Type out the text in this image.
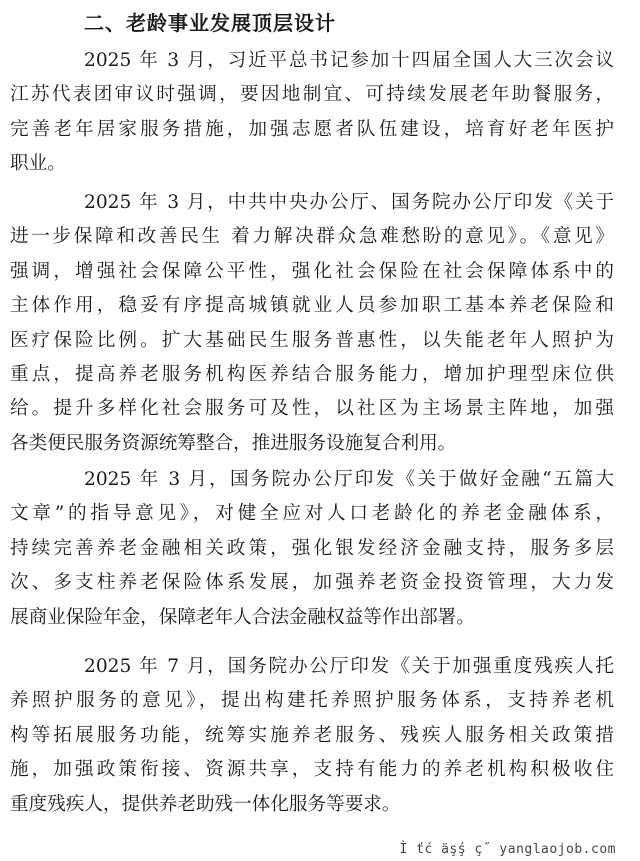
二、老龄事业发展顶层设计
2025 年 3 月，习近平总书记参加十四届全国人大三次会议
江苏代表团审议时强调，要因地制宜、可持续发展老年助餐服务，
完善老年居家服务措施，加强志愿者队伍建设，培育好老年医护
职业。
2025 年 3 月，中共中央办公厅、国务院办公厅印发《关于
进一步保障和改善民生 着力解决群众急难愁盼的意见》。《意见》
强调，增强社会保障公平性，强化社会保险在社会保障体系中的
主体作用，稳妥有序提高城镇就业人员参加职工基本养老保险和
医疗保险比例。扩大基础民生服务普惠性，以失能老年人照护为
重点，提高养老服务机构医养结合服务能力，增加护理型床位供
给。提升多样化社会服务可及性，以社区为主场景主阵地，加强
各类便民服务资源统筹整合，推进服务设施复合利用。
2025 年 3 月，国务院办公厅印发《关于做好金融“五篇大
文章”的指导意见》，对健全应对人口老龄化的养老金融体系，
持续完善养老金融相关政策，强化银发经济金融支持，服务多层
次、多支柱养老保险体系发展，加强养老资金投资管理，大力发
展商业保险年金，保障老年人合法金融权益等作出部署。
2025 年 7 月，国务院办公厅印发《关于加强重度残疾人托
养照护服务的意见》，提出构建托养照护服务体系，支持养老机
构等拓展服务功能，统筹实施养老服务、残疾人服务相关政策措
施，加强政策衔接、资源共享，支持有能力的养老机构积极收住
重度残疾人，提供养老助残一体化服务等要求。
Ì ťć äşş́ ç˝ yanglaojob.com
